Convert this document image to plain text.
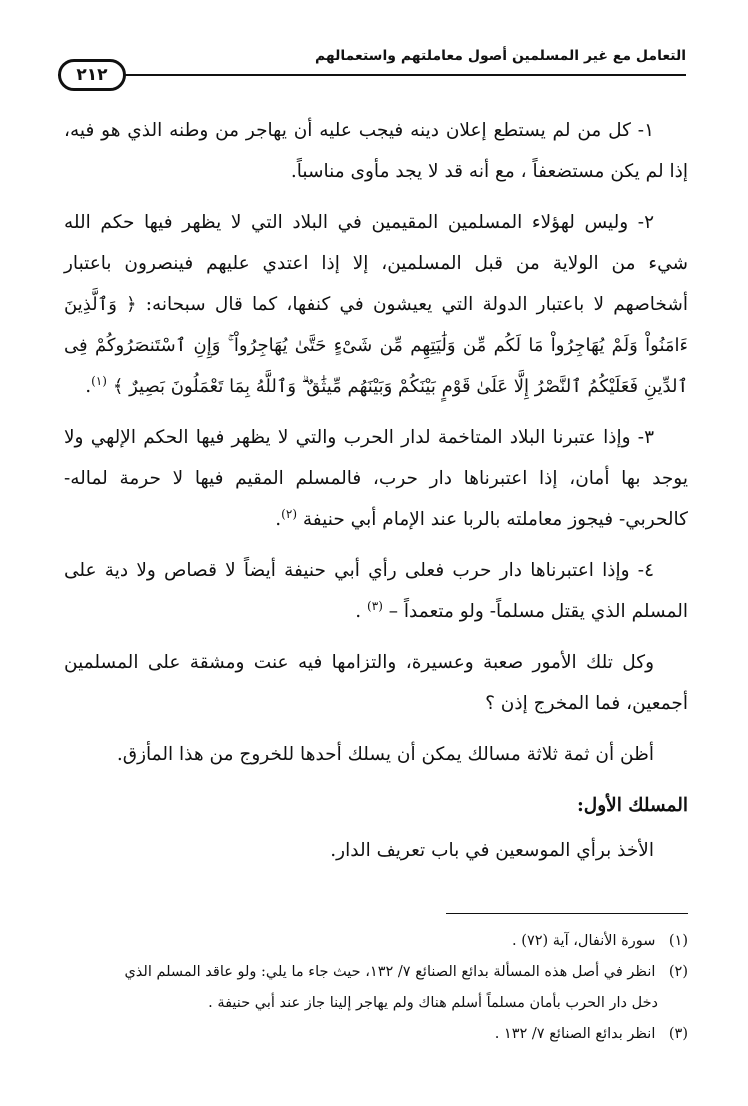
التعامل مع غير المسلمين أصول معاملتهم واستعمالهم
٢١٢

١- كل من لم يستطع إعلان دينه فيجب عليه أن يهاجر من وطنه الذي هو فيه، إذا لم يكن مستضعفاً ، مع أنه قد لا يجد مأوى مناسباً.

٢- وليس لهؤلاء المسلمين المقيمين في البلاد التي لا يظهر فيها حكم الله شيء من الولاية من قبل المسلمين، إلا إذا اعتدي عليهم فينصرون باعتبار أشخاصهم لا باعتبار الدولة التي يعيشون في كنفها، كما قال سبحانه: ﴿ وَٱلَّذِينَ ءَامَنُواْ وَلَمْ يُهَاجِرُواْ مَا لَكُم مِّن وَلَٰيَتِهِم مِّن شَىْءٍ حَتَّىٰ يُهَاجِرُواْ ۚ وَإِنِ ٱسْتَنصَرُوكُمْ فِى ٱلدِّينِ فَعَلَيْكُمُ ٱلنَّصْرُ إِلَّا عَلَىٰ قَوْمٍ بَيْنَكُمْ وَبَيْنَهُم مِّيثَٰقٌ ۗ وَٱللَّهُ بِمَا تَعْمَلُونَ بَصِيرٌ ﴾ $^{(١)}$.

٣- وإذا عتبرنا البلاد المتاخمة لدار الحرب والتي لا يظهر فيها الحكم الإلهي ولا يوجد بها أمان، إذا اعتبرناها دار حرب، فالمسلم المقيم فيها لا حرمة لماله- كالحربي- فيجوز معاملته بالربا عند الإمام أبي حنيفة $^{(٢)}$.

٤- وإذا اعتبرناها دار حرب فعلى رأي أبي حنيفة أيضاً لا قصاص ولا دية على المسلم الذي يقتل مسلماً- ولو متعمداً – $^{(٣)}$ .

وكل تلك الأمور صعبة وعسيرة، والتزامها فيه عنت ومشقة على المسلمين أجمعين، فما المخرج إذن ؟

أظن أن ثمة ثلاثة مسالك يمكن أن يسلك أحدها للخروج من هذا المأزق.

المسلك الأول:

الأخذ برأي الموسعين في باب تعريف الدار.

(١) سورة الأنفال، آية (٧٢) .

(٢) انظر في أصل هذه المسألة بدائع الصنائع ٧/ ١٣٢، حيث جاء ما يلي: ولو عاقد المسلم الذي

دخل دار الحرب بأمان مسلماً أسلم هناك ولم يهاجر إلينا جاز عند أبي حنيفة .

(٣) انظر بدائع الصنائع ٧/ ١٣٢ .
